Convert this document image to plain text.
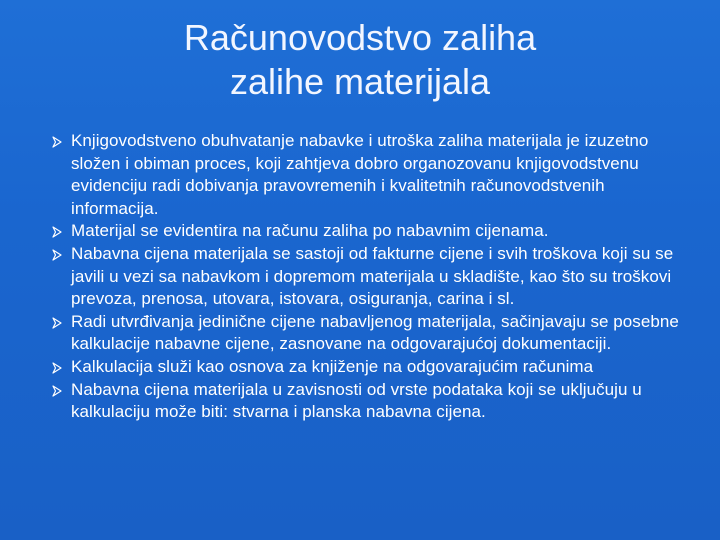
Računovodstvo zaliha
zalihe materijala
Knjigovodstveno obuhvatanje nabavke i utroška zaliha materijala je izuzetno složen i obiman proces, koji zahtjeva dobro organozovanu knjigovodstvenu evidenciju radi dobivanja pravovremenih i kvalitetnih računovodstvenih informacija.
Materijal se evidentira na računu zaliha po nabavnim cijenama.
Nabavna cijena materijala se sastoji od fakturne cijene i svih troškova koji su se javili u vezi sa nabavkom i dopremom materijala u skladište, kao što su troškovi prevoza, prenosa, utovara, istovara, osiguranja, carina i sl.
Radi utvrđivanja jedinične cijene nabavljenog materijala, sačinjavaju se posebne kalkulacije nabavne cijene, zasnovane na odgovarajućoj dokumentaciji.
Kalkulacija služi kao osnova za knjiženje na odgovarajućim računima
Nabavna cijena materijala u zavisnosti od vrste podataka koji se uključuju u kalkulaciju može biti: stvarna i planska nabavna cijena.
